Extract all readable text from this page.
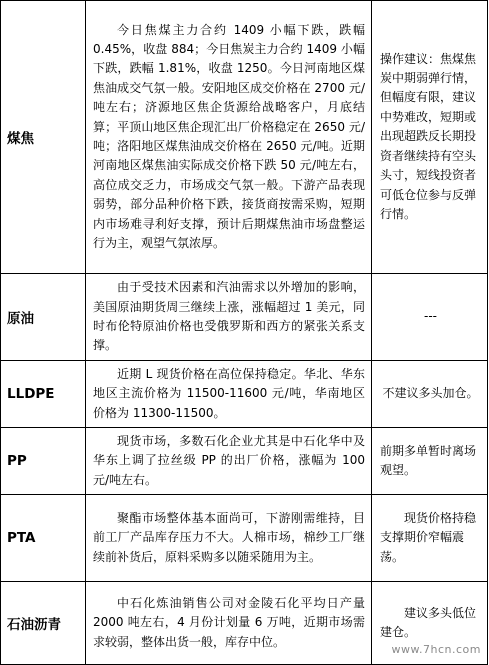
煤焦	今日焦煤主力合约 1409 小幅下跌，跌幅 0.45%，收盘 884；今日焦炭主力合约 1409 小幅下跌，跌幅 1.81%，收盘 1250。今日河南地区煤焦油成交气氛一般。安阳地区成交价格在 2700 元/吨左右；济源地区焦企货源给战略客户，月底结算；平顶山地区焦企现汇出厂价格稳定在 2650 元/吨；洛阳地区煤焦油成交价格在 2650 元/吨。近期河南地区煤焦油实际成交价格下跌 50 元/吨左右，高位成交乏力，市场成交气氛一般。下游产品表现弱势，部分品种价格下跌，接货商按需采购，短期内市场难寻利好支撑，预计后期煤焦油市场盘整运行为主，观望气氛浓厚。	操作建议：焦煤焦炭中期弱弹行情，但幅度有限，建议中势难改，短期或出现超跌反长期投资者继续持有空头头寸，短线投资者可低仓位参与反弹行情。
原油	由于受技术因素和汽油需求以外增加的影响，美国原油期货周三继续上涨，涨幅超过 1 美元，同时布伦特原油价格也受俄罗斯和西方的紧张关系支撑。	---
LLDPE	近期 L 现货价格在高位保持稳定。华北、华东地区主流价格为 11500-11600 元/吨，华南地区价格为 11300-11500。	不建议多头加仓。
PP	现货市场，多数石化企业尤其是中石化华中及华东上调了拉丝级 PP 的出厂价格，涨幅为 100 元/吨左右。	前期多单暂时离场观望。
PTA	聚酯市场整体基本面尚可，下游刚需维持，目前工厂产品库存压力不大。人棉市场，棉纱工厂继续前补货后，原料采购多以随采随用为主。	现货价格持稳支撑期价窄幅震荡。
石油沥青	中石化炼油销售公司对金陵石化平均日产量 2000 吨左右，4 月份计划量 6 万吨，近期市场需求较弱，整体出货一般，库存中位。	建议多头低位建仓。
www.7hcn.com
